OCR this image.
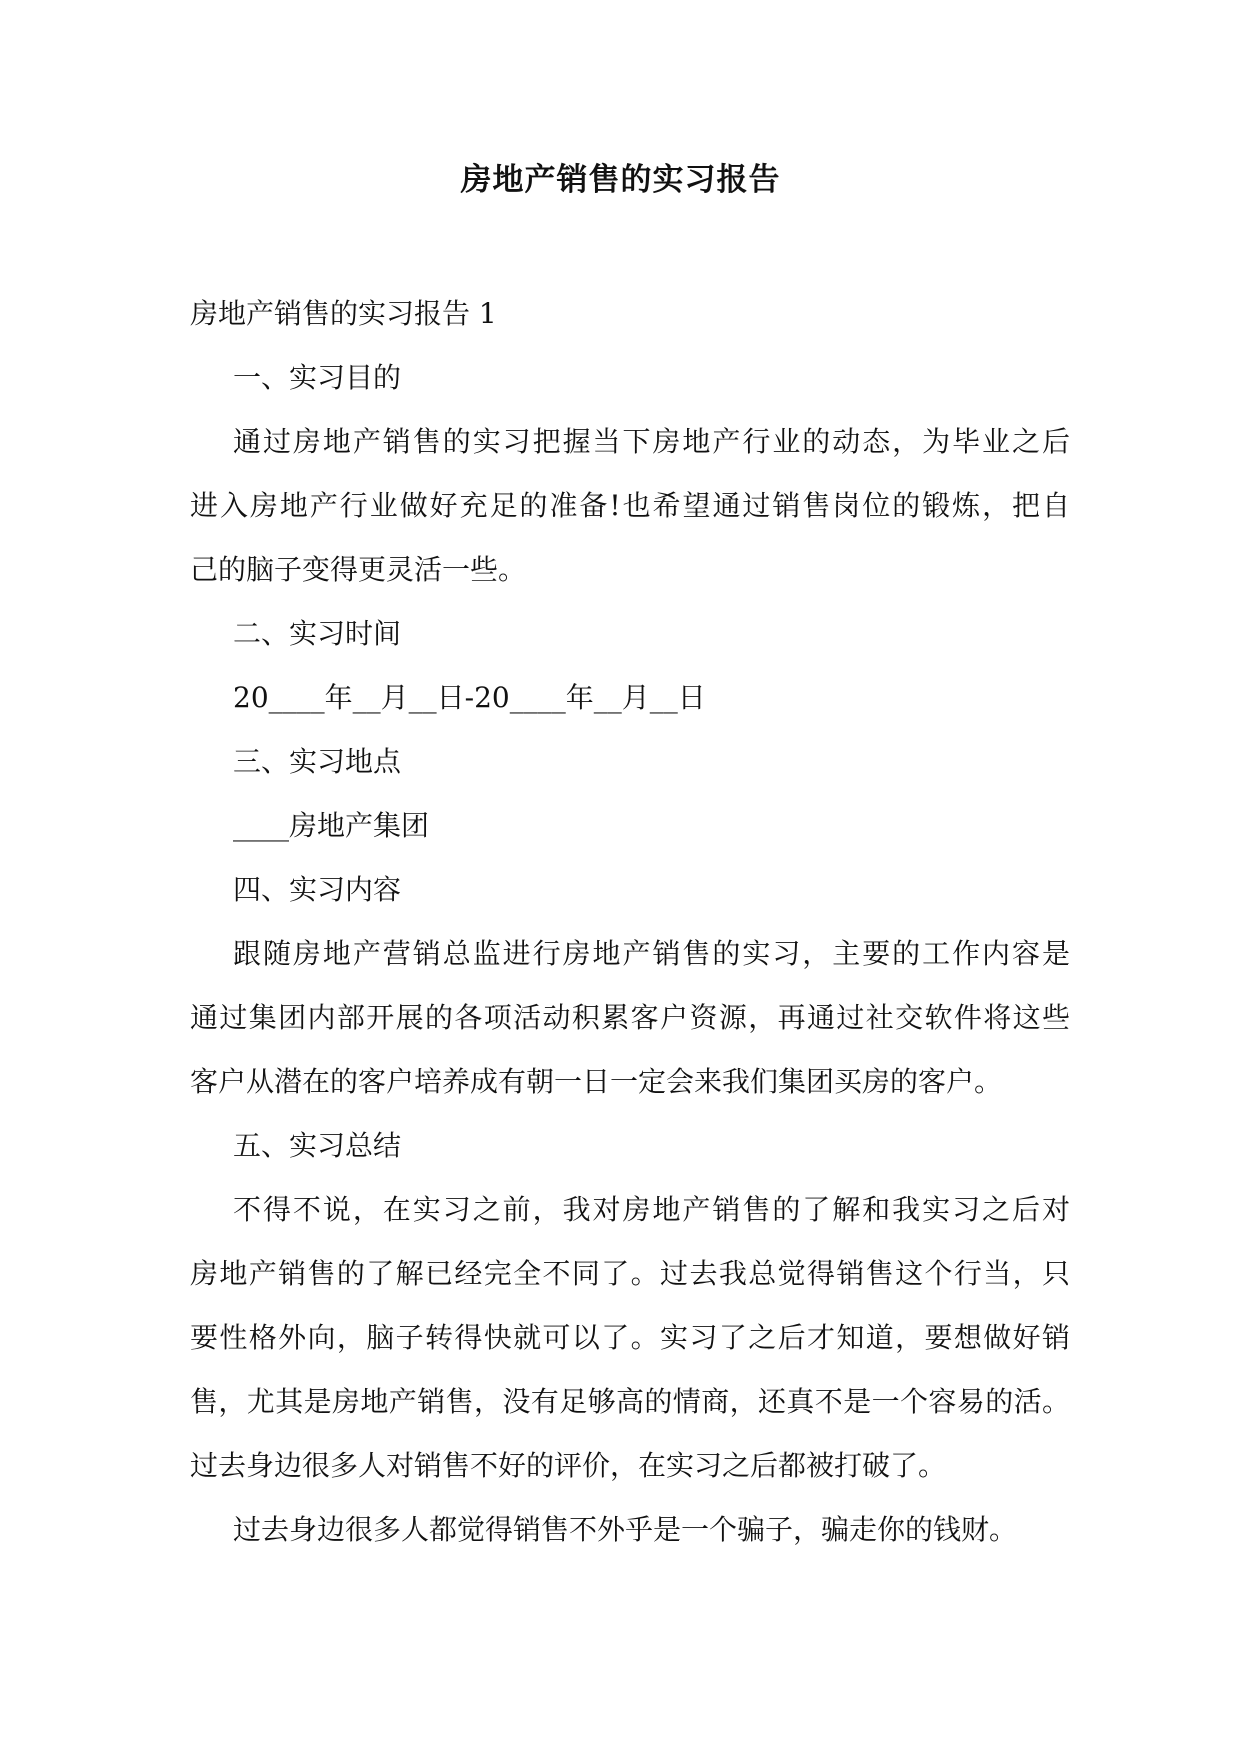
房地产销售的实习报告
房地产销售的实习报告 1
一、实习目的
通过房地产销售的实习把握当下房地产行业的动态，为毕业之后
进入房地产行业做好充足的准备!也希望通过销售岗位的锻炼，把自
己的脑子变得更灵活一些。
二、实习时间
20____年__月__日-20____年__月__日
三、实习地点
____房地产集团
四、实习内容
跟随房地产营销总监进行房地产销售的实习，主要的工作内容是
通过集团内部开展的各项活动积累客户资源，再通过社交软件将这些
客户从潜在的客户培养成有朝一日一定会来我们集团买房的客户。
五、实习总结
不得不说，在实习之前，我对房地产销售的了解和我实习之后对
房地产销售的了解已经完全不同了。过去我总觉得销售这个行当，只
要性格外向，脑子转得快就可以了。实习了之后才知道，要想做好销
售，尤其是房地产销售，没有足够高的情商，还真不是一个容易的活。
过去身边很多人对销售不好的评价，在实习之后都被打破了。
过去身边很多人都觉得销售不外乎是一个骗子，骗走你的钱财。
